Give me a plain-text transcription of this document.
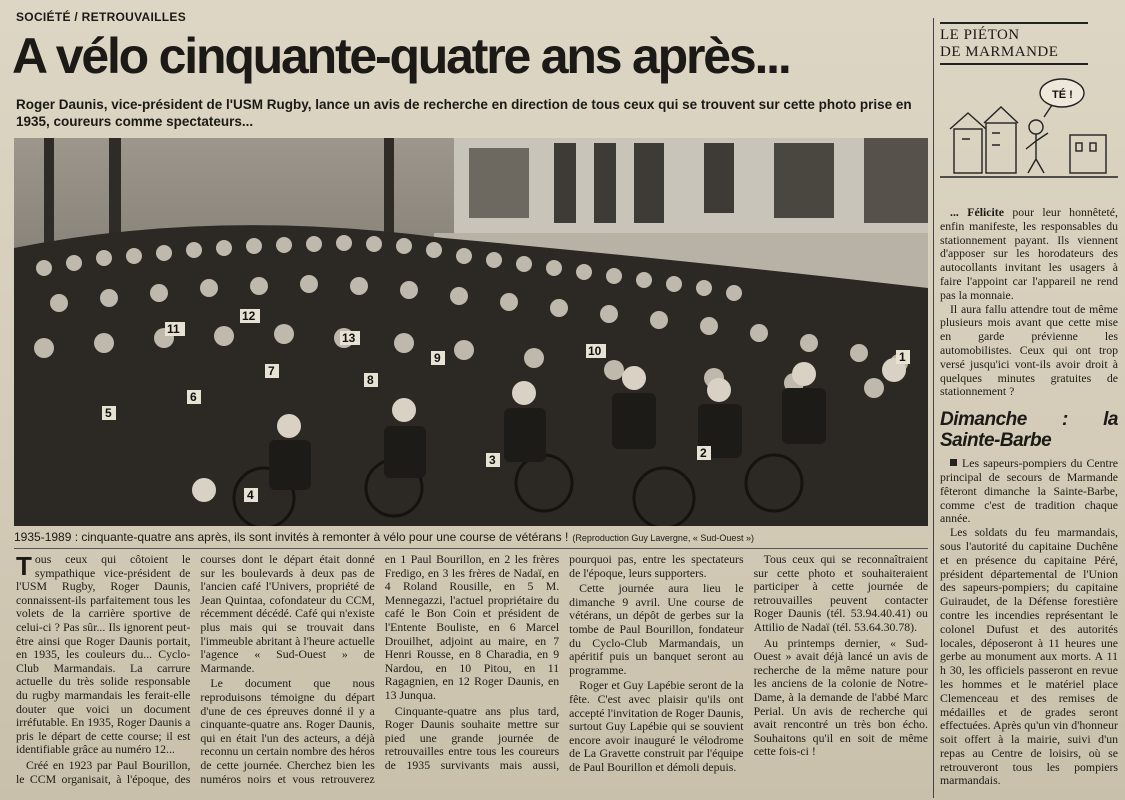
SOCIÉTÉ / RETROUVAILLES
A vélo cinquante-quatre ans après...
Roger Daunis, vice-président de l'USM Rugby, lance un avis de recherche en direction de tous ceux qui se trouvent sur cette photo prise en 1935, coureurs comme spectateurs...
1
2
3
4
5
6
7
8
9	10
11
12
13
1935-1989 : cinquante-quatre ans après, ils sont invités à remonter à vélo pour une course de vétérans ! (Reproduction Guy Lavergne, « Sud-Ouest »)

Tous ceux qui côtoient le sympathique vice-président de l'USM Rugby, Roger Daunis, connaissent-ils parfaitement tous les volets de la carrière sportive de celui-ci ? Pas sûr... Ils ignorent peut-être ainsi que Roger Daunis portait, en 1935, les couleurs du... Cyclo-Club Marmandais. La carrure actuelle du très solide responsable du rugby marmandais les ferait-elle douter que voici un document irréfutable. En 1935, Roger Daunis a pris le départ de cette course; il est identifiable grâce au numéro 12...

Créé en 1923 par Paul Bourillon, le CCM organisait, à l'époque, des courses dont le départ était donné sur les boulevards à deux pas de l'ancien café l'Univers, propriété de Jean Quintaa, cofondateur du CCM, récemment décédé. Café qui n'existe plus mais qui se trouvait dans l'immeuble abritant à l'heure actuelle l'agence « Sud-Ouest » de Marmande.

Le document que nous reproduisons témoigne du départ d'une de ces épreuves donné il y a cinquante-quatre ans. Roger Daunis, qui en était l'un des acteurs, a déjà reconnu un certain nombre des héros de cette journée. Cherchez bien les numéros noirs et vous retrouverez en 1 Paul Bourillon, en 2 les frères Fredigo, en 3 les frères de Nadaï, en 4 Roland Rousille, en 5 M. Mennegazzi, l'actuel propriétaire du café le Bon Coin et président de l'Entente Bouliste, en 6 Marcel Drouilhet, adjoint au maire, en 7 Henri Rousse, en 8 Charadia, en 9 Nardou, en 10 Pitou, en 11 Ragagnien, en 12 Roger Daunis, en 13 Junqua.

Cinquante-quatre ans plus tard, Roger Daunis souhaite mettre sur pied une grande journée de retrouvailles entre tous les coureurs de 1935 survivants mais aussi, pourquoi pas, entre les spectateurs de l'époque, leurs supporters.

Cette journée aura lieu le dimanche 9 avril. Une course de vétérans, un dépôt de gerbes sur la tombe de Paul Bourillon, fondateur du Cyclo-Club Marmandais, un apéritif puis un banquet seront au programme.

Roger et Guy Lapébie seront de la fête. C'est avec plaisir qu'ils ont accepté l'invitation de Roger Daunis, surtout Guy Lapébie qui se souvient encore avoir inauguré le vélodrome de La Gravette construit par l'équipe de Paul Bourillon et démoli depuis.

Tous ceux qui se reconnaîtraient sur cette photo et souhaiteraient participer à cette journée de retrouvailles peuvent contacter Roger Daunis (tél. 53.94.40.41) ou Attilio de Nadaï (tél. 53.64.30.78).

Au printemps dernier, « Sud-Ouest » avait déjà lancé un avis de recherche de la même nature pour les anciens de la colonie de Notre-Dame, à la demande de l'abbé Marc Perial. Un avis de recherche qui avait rencontré un très bon écho. Souhaitons qu'il en soit de même cette fois-ci !

LE PIÉTON
DE MARMANDE
TÉ !

... Félicite pour leur honnêteté, enfin manifeste, les responsables du stationnement payant. Ils viennent d'apposer sur les horodateurs des autocollants invitant les usagers à faire l'appoint car l'appareil ne rend pas la monnaie.

Il aura fallu attendre tout de même plusieurs mois avant que cette mise en garde prévienne les automobilistes. Ceux qui ont trop versé jusqu'ici vont-ils avoir droit à quelques minutes gratuites de stationnement ?

Dimanche : la Sainte-Barbe

Les sapeurs-pompiers du Centre principal de secours de Marmande fêteront dimanche la Sainte-Barbe, comme c'est de tradition chaque année.

Les soldats du feu marmandais, sous l'autorité du capitaine Duchêne et en présence du capitaine Péré, président départemental de l'Union des sapeurs-pompiers; du capitaine Guiraudet, de la Défense forestière contre les incendies représentant le colonel Dufust et des autorités locales, déposeront à 11 heures une gerbe au monument aux morts. A 11 h 30, les officiels passeront en revue les hommes et le matériel place Clemenceau et des remises de médailles et de grades seront effectuées. Après qu'un vin d'honneur soit offert à la mairie, suivi d'un repas au Centre de loisirs, où se retrouveront tous les pompiers marmandais.
